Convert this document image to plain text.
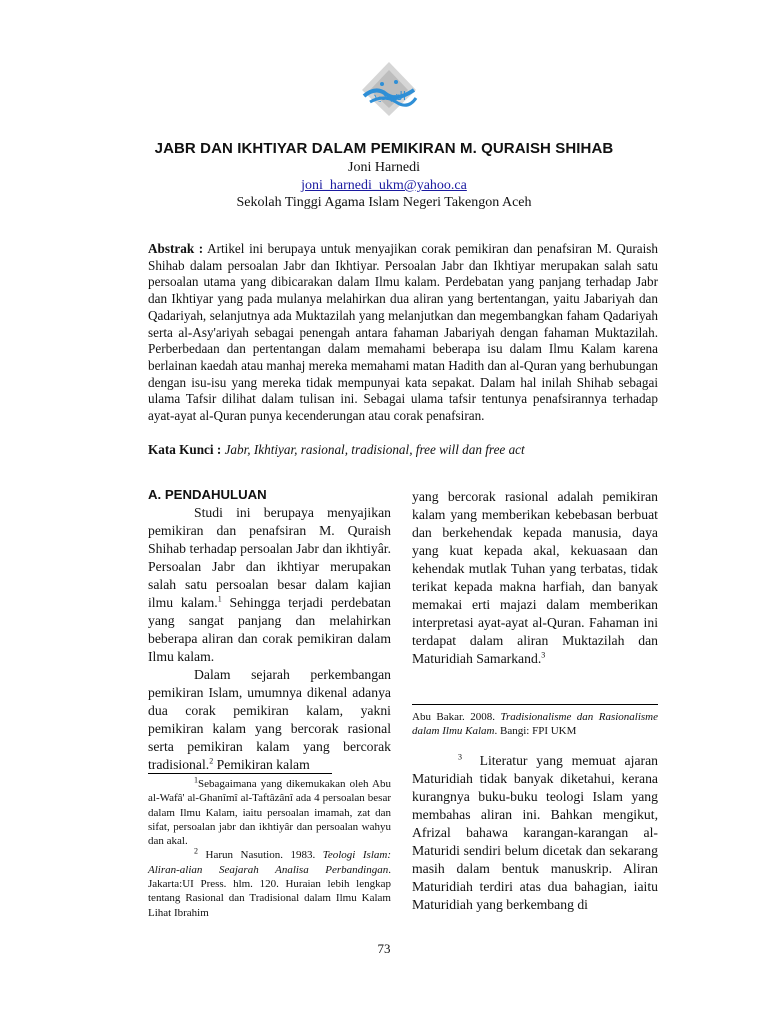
التجديد
JABR DAN IKHTIYAR DALAM PEMIKIRAN M. QURAISH SHIHAB
Joni Harnedi
joni_harnedi_ukm@yahoo.ca
Sekolah Tinggi Agama Islam Negeri Takengon Aceh
Abstrak : Artikel ini berupaya untuk menyajikan corak pemikiran dan penafsiran M. Quraish Shihab dalam persoalan Jabr dan Ikhtiyar. Persoalan Jabr dan Ikhtiyar merupakan salah satu persoalan utama yang dibicarakan dalam Ilmu kalam. Perdebatan yang panjang terhadap Jabr dan Ikhtiyar yang pada mulanya melahirkan dua aliran yang bertentangan, yaitu Jabariyah dan Qadariyah, selanjutnya ada Muktazilah yang melanjutkan dan megembangkan faham Qadariyah serta al-Asy'ariyah sebagai penengah antara fahaman Jabariyah dengan fahaman Muktazilah. Perberbedaan dan pertentangan dalam memahami beberapa isu dalam Ilmu Kalam karena berlainan kaedah atau manhaj mereka memahami matan Hadith dan al-Quran yang berhubungan dengan isu-isu yang mereka tidak mempunyai kata sepakat. Dalam hal inilah Shihab sebagai ulama Tafsir dilihat dalam tulisan ini. Sebagai ulama tafsir tentunya penafsirannya terhadap ayat-ayat al-Quran punya kecenderungan atau corak penafsiran.
Kata Kunci : Jabr, Ikhtiyar, rasional, tradisional, free will dan free act
A. PENDAHULUAN

Studi ini berupaya menyajikan pemikiran dan penafsiran M. Quraish Shihab terhadap persoalan Jabr dan ikhtiyâr. Persoalan Jabr dan ikhtiyar merupakan salah satu persoalan besar dalam kajian ilmu kalam.$^1$ Sehingga terjadi perdebatan yang sangat panjang dan melahirkan beberapa aliran dan corak pemikiran dalam Ilmu kalam.

Dalam sejarah perkembangan pemikiran Islam, umumnya dikenal adanya dua corak pemikiran kalam, yakni pemikiran kalam yang bercorak rasional serta pemikiran kalam yang bercorak tradisional.$^2$ Pemikiran kalam

$^1$Sebagaimana yang dikemukakan oleh Abu al-Wafâ' al-Ghanîmî al-Taftâzânî ada 4 persoalan besar dalam Ilmu Kalam, iaitu persoalan imamah, zat dan sifat, persoalan jabr dan ikhtiyâr dan persoalan wahyu dan akal.
$^2$ Harun Nasution. 1983. Teologi Islam: Aliran-alian Seajarah Analisa Perbandingan. Jakarta:UI Press. hlm. 120. Huraian lebih lengkap tentang Rasional dan Tradisional dalam Ilmu Kalam Lihat Ibrahim

yang bercorak rasional adalah pemikiran kalam yang memberikan kebebasan berbuat dan berkehendak kepada manusia, daya yang kuat kepada akal, kekuasaan dan kehendak mutlak Tuhan yang terbatas, tidak terikat kepada makna harfiah, dan banyak memakai erti majazi dalam memberikan interpretasi ayat-ayat al-Quran. Fahaman ini terdapat dalam aliran Muktazilah dan Maturidiah Samarkand.$^3$

Abu Bakar. 2008. Tradisionalisme dan Rasionalisme dalam Ilmu Kalam. Bangi: FPI UKM

$^3$ Literatur yang memuat ajaran Maturidiah tidak banyak diketahui, kerana kurangnya buku-buku teologi Islam yang membahas aliran ini. Bahkan mengikut, Afrizal bahawa karangan-karangan al-Maturidi sendiri belum dicetak dan sekarang masih dalam bentuk manuskrip. Aliran Maturidiah terdiri atas dua bahagian, iaitu Maturidiah yang berkembang di

73
